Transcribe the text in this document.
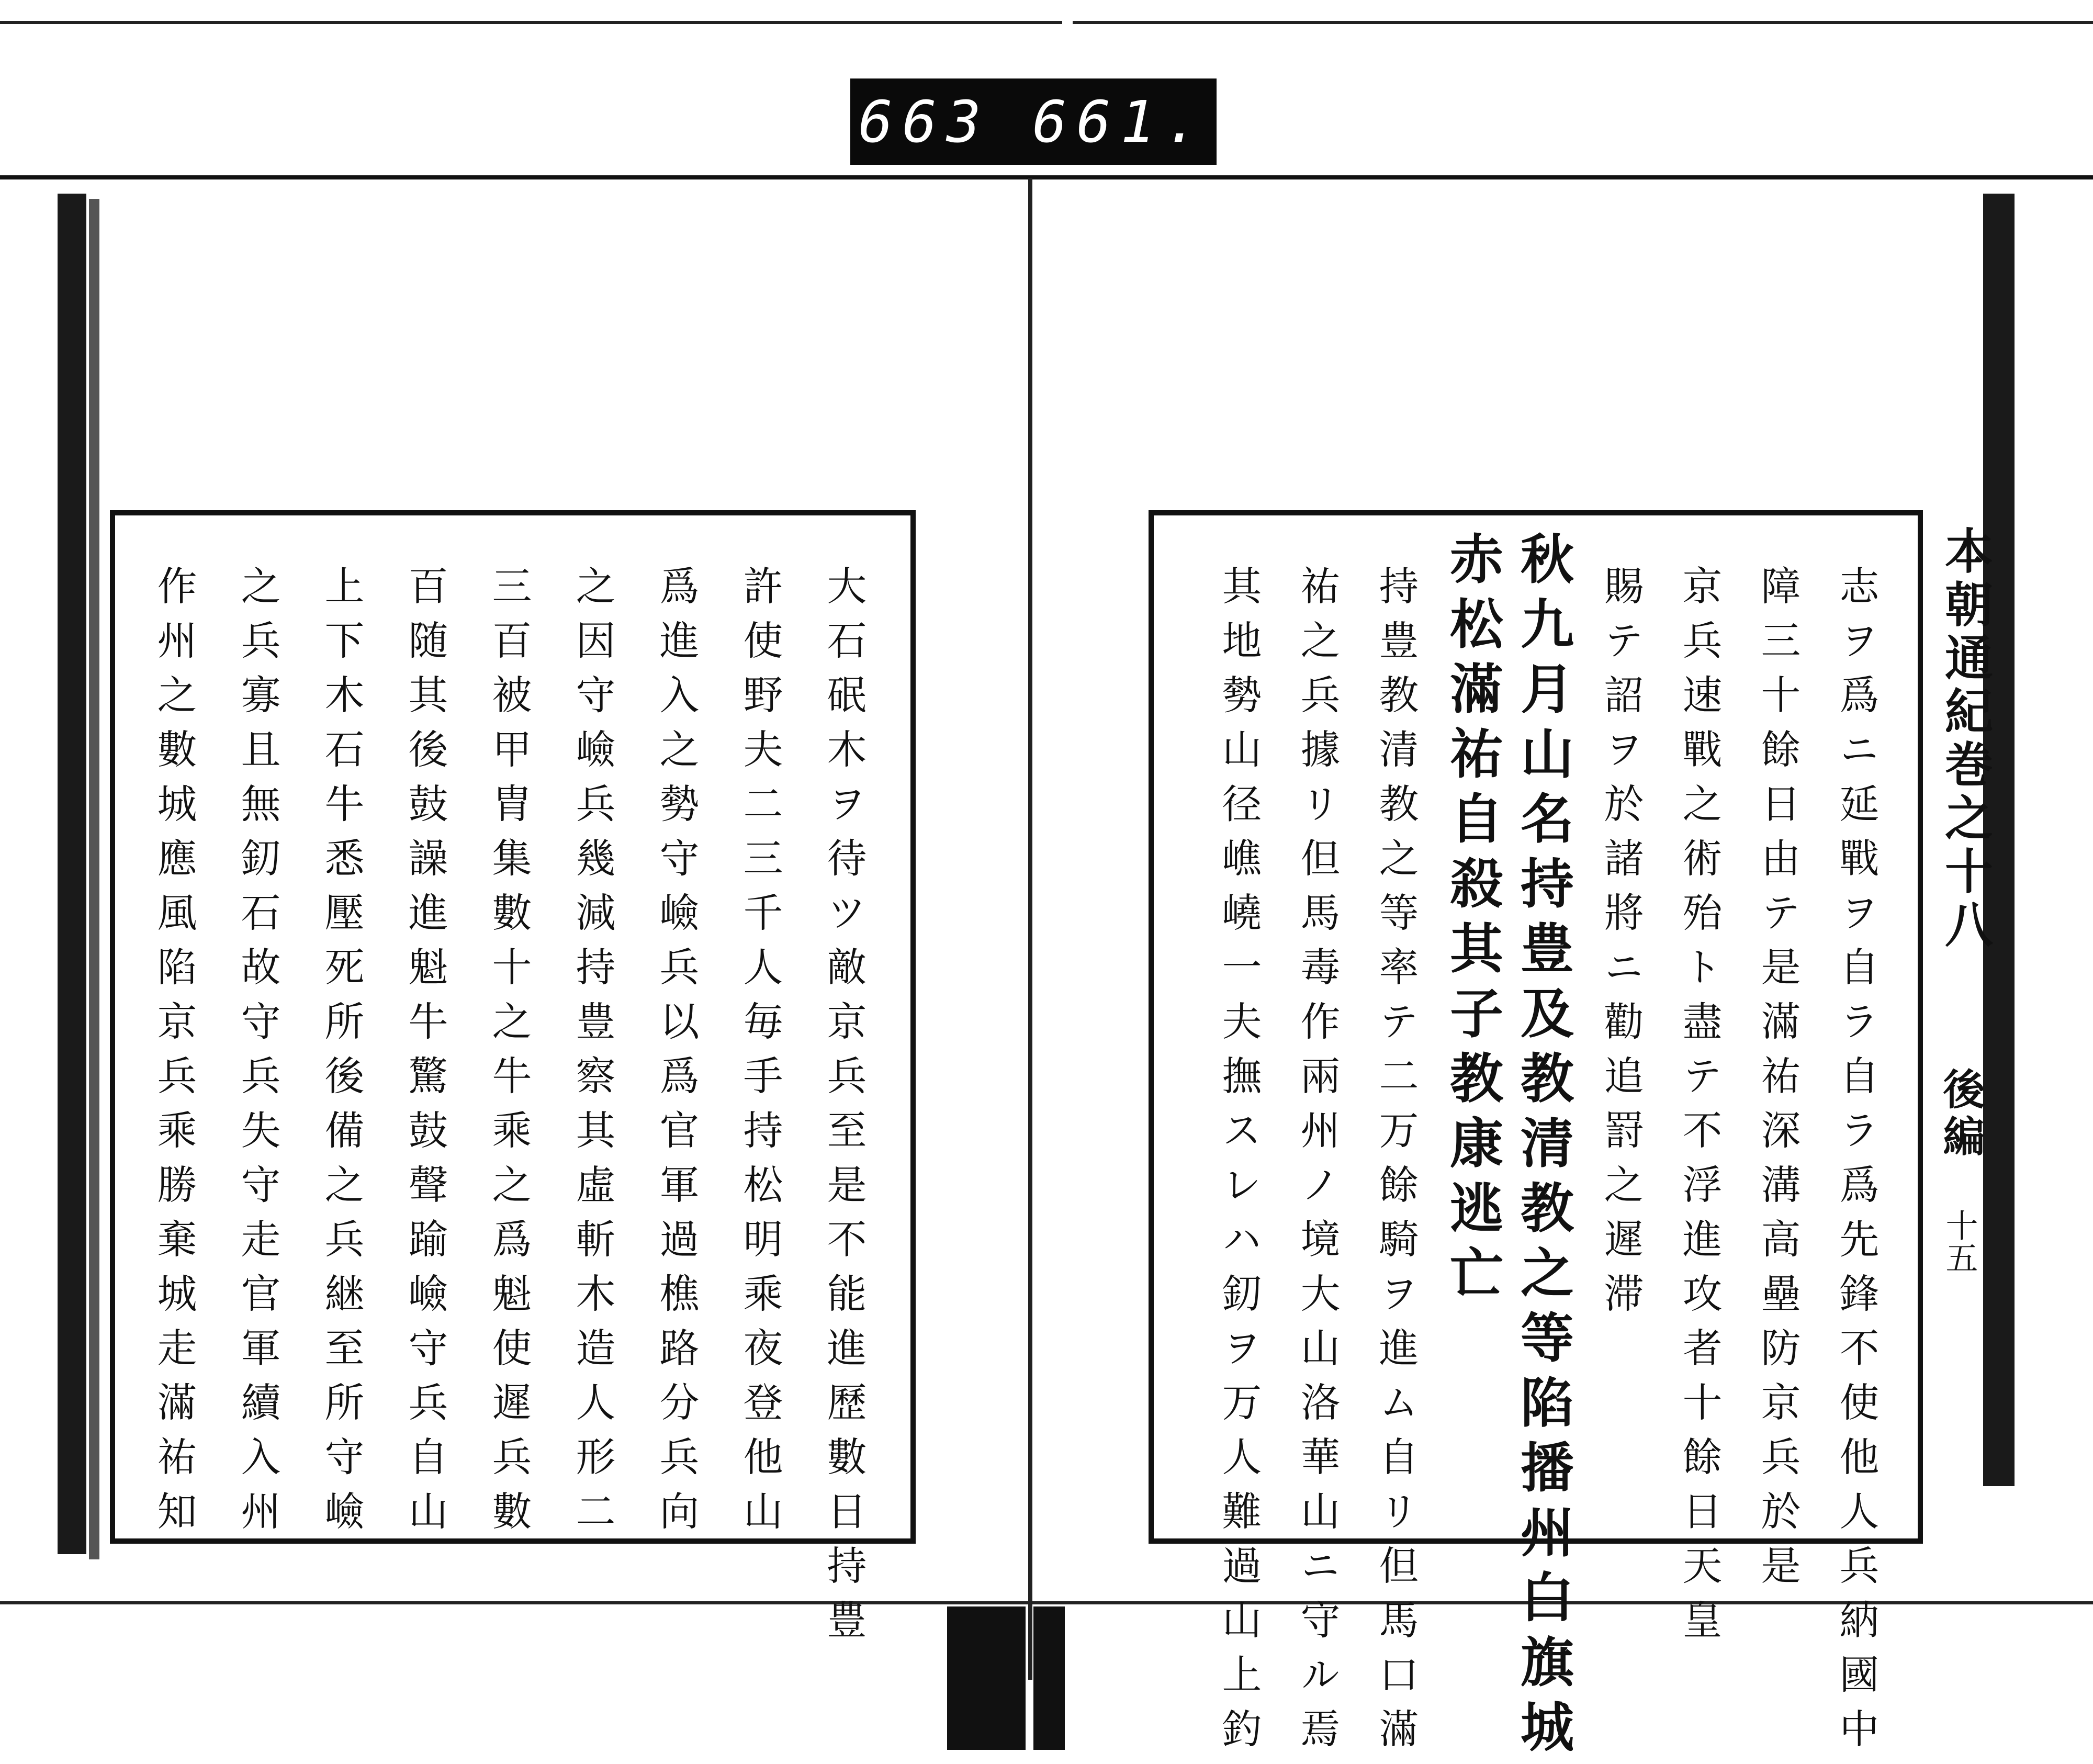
663 661.
本朝通紀巻之十八
後編
十五
志ヲ爲ニ延戰ヲ自ラ自ラ爲先鋒不使他人兵納國中
障三十餘日由テ是滿祐深溝高壘防京兵於是
京兵速戰之術殆ト盡テ不浮進攻者十餘日天皇
賜テ詔ヲ於諸將ニ勸追罸之遲滞
秋九月山名持豊及教清教之等陷播州白旗城
赤松滿祐自殺其子教康逃亡
持豊教清教之等率テ二万餘騎ヲ進ム自リ但馬口滿
祐之兵據リ但馬毒作兩州ノ境大山洛華山ニ守ル焉
其地勢山径嶕嶢一夫撫スレハ釖ヲ万人難過山上釣
大石䂥木ヲ待ツ敵京兵至是不能進歷數日持豊
許使野夫二三千人毎手持松明乘夜登他山
爲進入之勢守嶮兵以爲官軍過樵路分兵向
之因守嶮兵幾減持豊察其虛斬木造人形二
三百被甲胄集數十之牛乘之爲魁使遲兵數
百随其後鼓譟進魁牛驚鼓聲踰嶮守兵自山
上下木石牛悉壓死所後備之兵継至所守嶮
之兵寡且無釖石故守兵失守走官軍續入州
作州之數城應風陷京兵乘勝棄城走滿祐知
